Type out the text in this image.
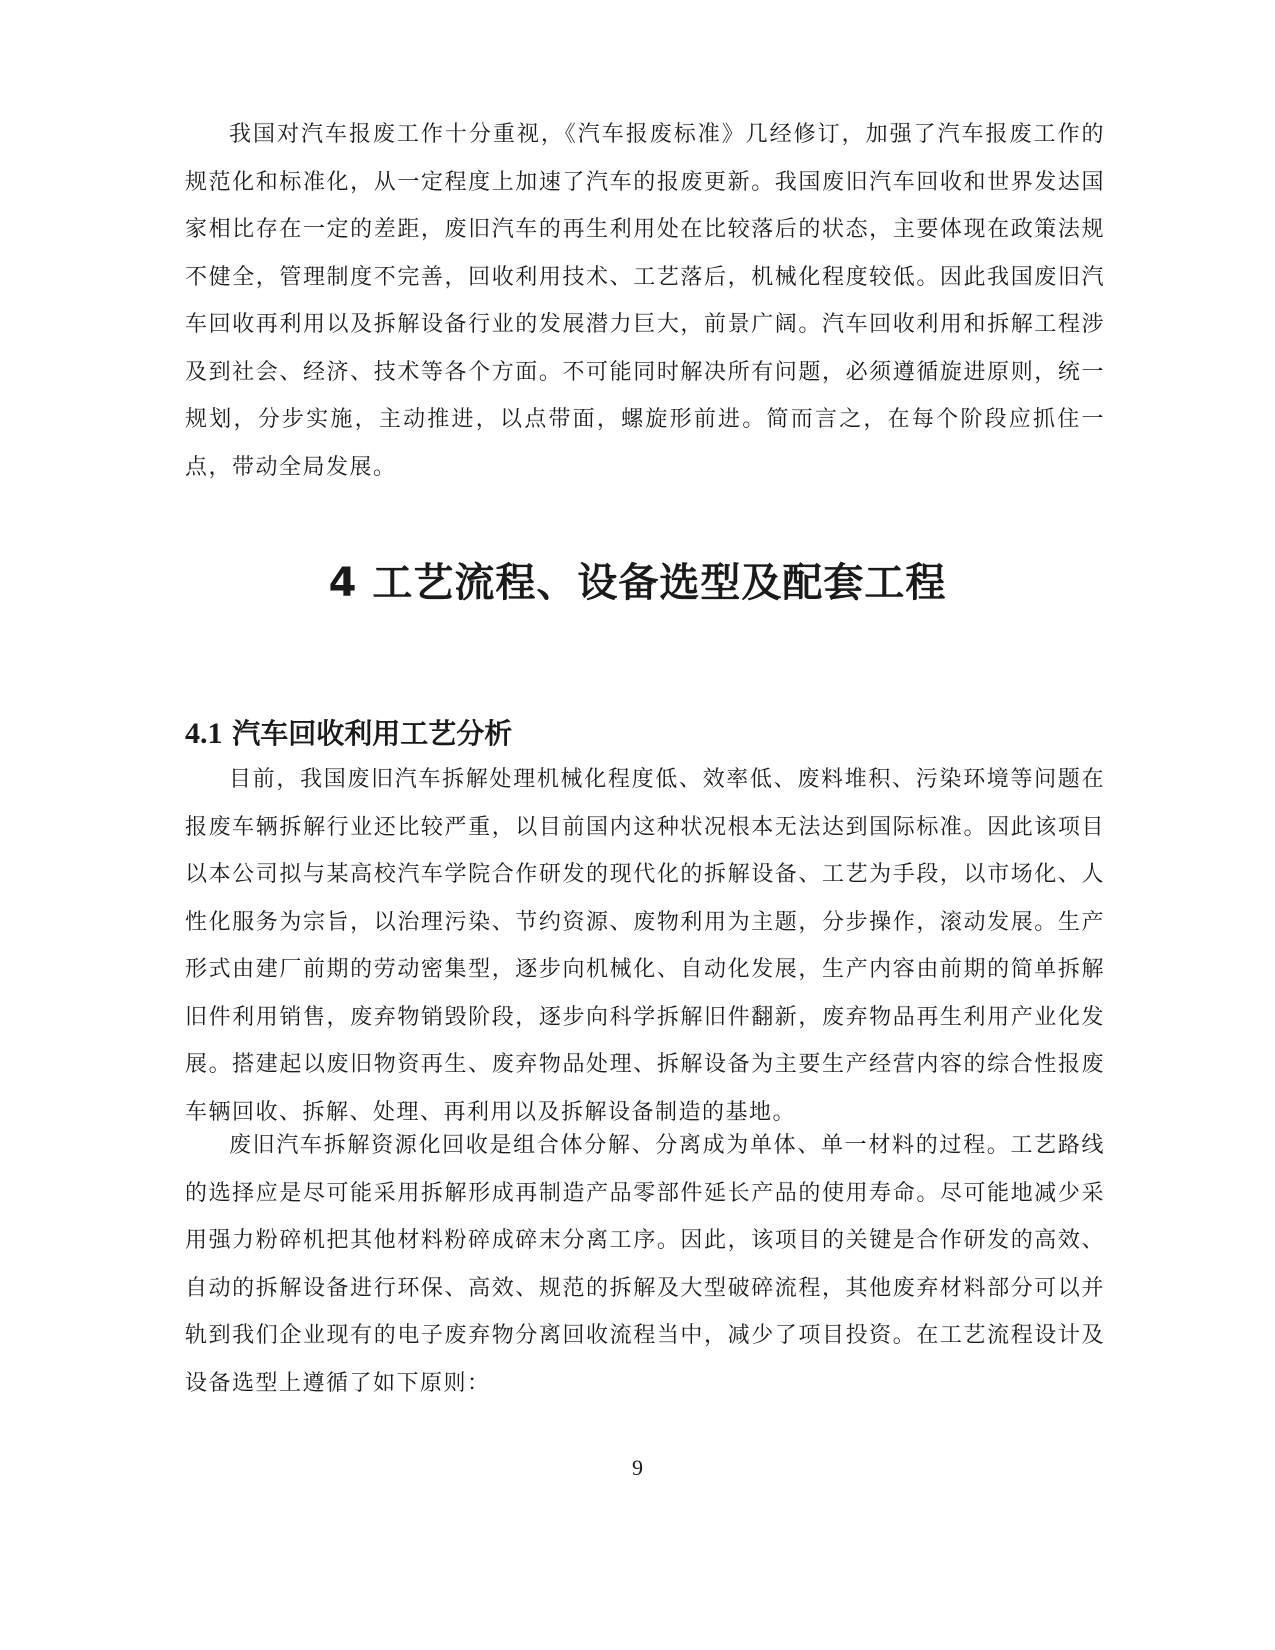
我国对汽车报废工作十分重视，《汽车报废标准》几经修订，加强了汽车报废工作的规范化和标准化，从一定程度上加速了汽车的报废更新。我国废旧汽车回收和世界发达国家相比存在一定的差距，废旧汽车的再生利用处在比较落后的状态，主要体现在政策法规不健全，管理制度不完善，回收利用技术、工艺落后，机械化程度较低。因此我国废旧汽车回收再利用以及拆解设备行业的发展潜力巨大，前景广阔。汽车回收利用和拆解工程涉及到社会、经济、技术等各个方面。不可能同时解决所有问题，必须遵循旋进原则，统一规划，分步实施，主动推进，以点带面，螺旋形前进。简而言之，在每个阶段应抓住一点，带动全局发展。

4 工艺流程、设备选型及配套工程
4.1 汽车回收利用工艺分析

目前，我国废旧汽车拆解处理机械化程度低、效率低、废料堆积、污染环境等问题在报废车辆拆解行业还比较严重，以目前国内这种状况根本无法达到国际标准。因此该项目以本公司拟与某高校汽车学院合作研发的现代化的拆解设备、工艺为手段，以市场化、人性化服务为宗旨，以治理污染、节约资源、废物利用为主题，分步操作，滚动发展。生产形式由建厂前期的劳动密集型，逐步向机械化、自动化发展，生产内容由前期的简单拆解旧件利用销售，废弃物销毁阶段，逐步向科学拆解旧件翻新，废弃物品再生利用产业化发展。搭建起以废旧物资再生、废弃物品处理、拆解设备为主要生产经营内容的综合性报废车辆回收、拆解、处理、再利用以及拆解设备制造的基地。

废旧汽车拆解资源化回收是组合体分解、分离成为单体、单一材料的过程。工艺路线的选择应是尽可能采用拆解形成再制造产品零部件延长产品的使用寿命。尽可能地减少采用强力粉碎机把其他材料粉碎成碎末分离工序。因此，该项目的关键是合作研发的高效、自动的拆解设备进行环保、高效、规范的拆解及大型破碎流程，其他废弃材料部分可以并轨到我们企业现有的电子废弃物分离回收流程当中，减少了项目投资。在工艺流程设计及设备选型上遵循了如下原则：

9
